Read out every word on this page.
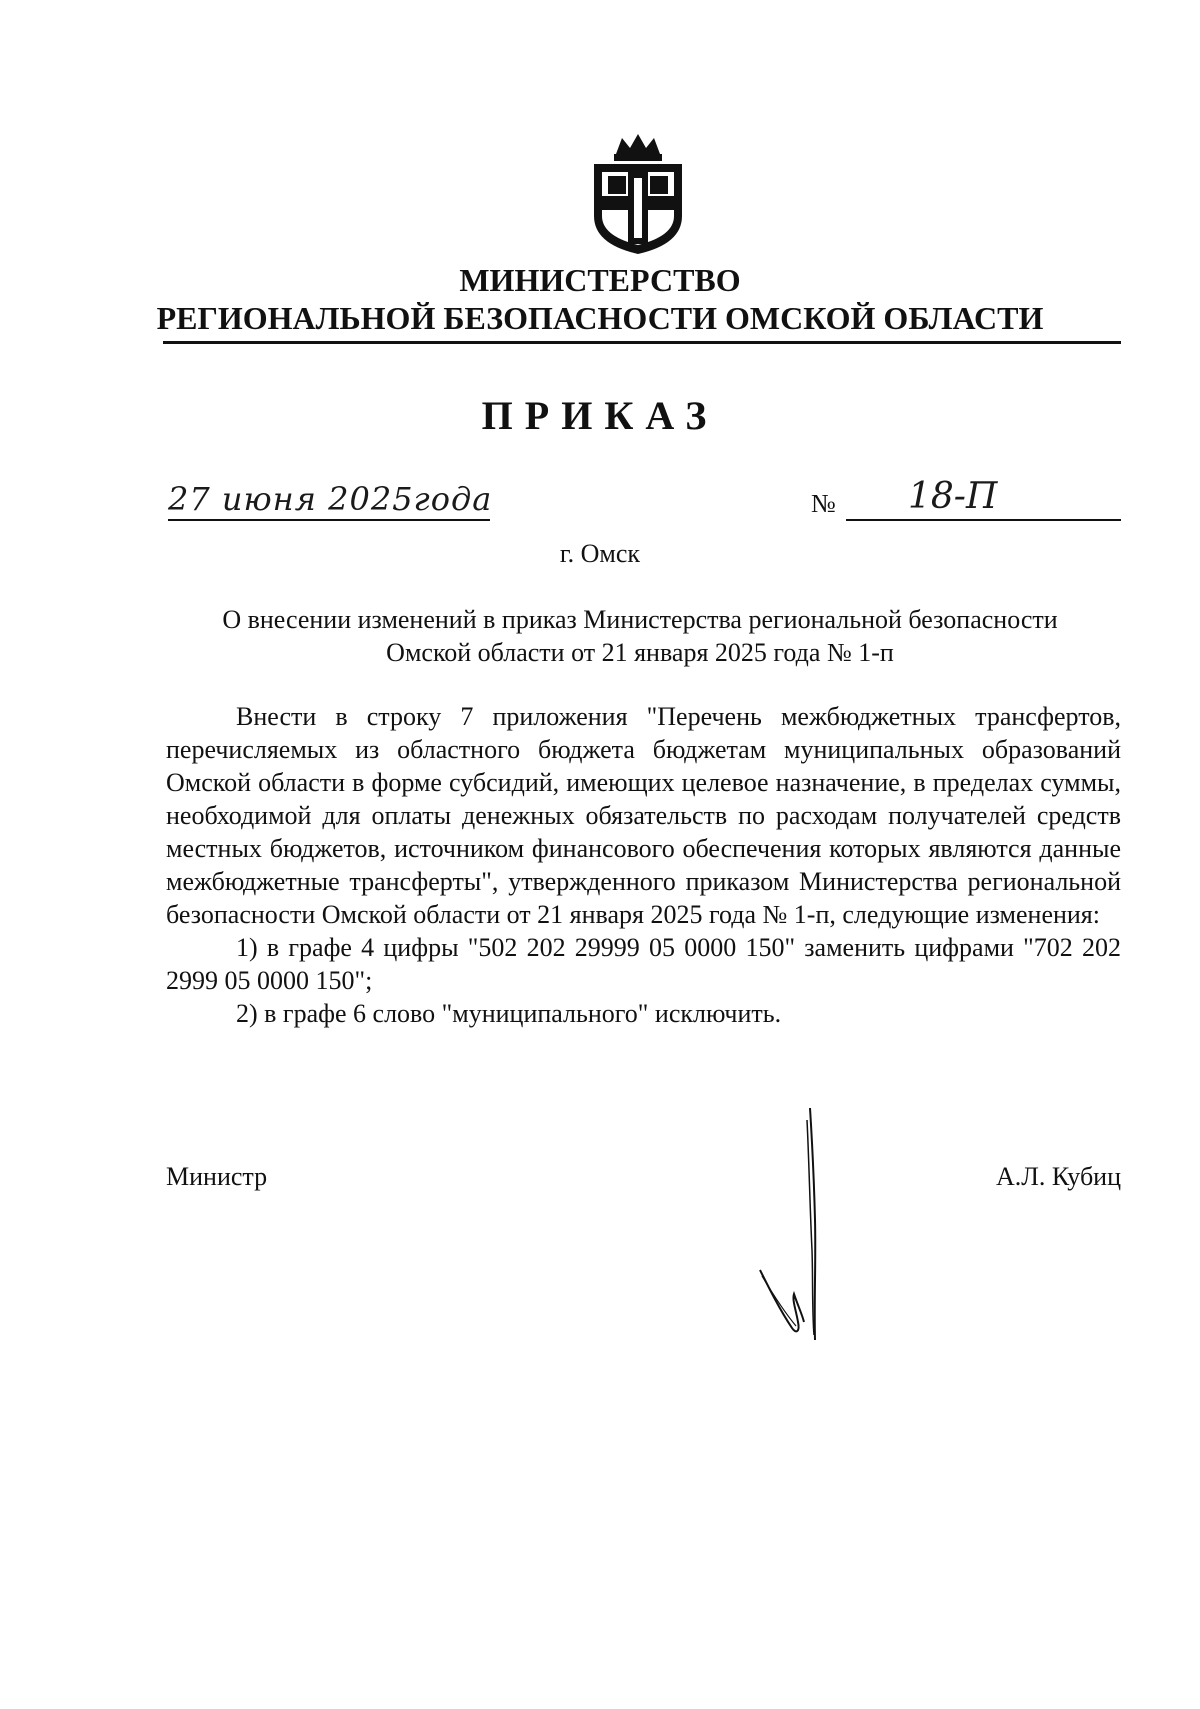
МИНИСТЕРСТВО
РЕГИОНАЛЬНОЙ БЕЗОПАСНОСТИ ОМСКОЙ ОБЛАСТИ
ПРИКАЗ
27 июня 2025года	№ 18-П
г. Омск
О внесении изменений в приказ Министерства региональной безопасности
Омской области от 21 января 2025 года № 1-п

Внести в строку 7 приложения "Перечень межбюджетных трансфертов, перечисляемых из областного бюджета бюджетам муниципальных образований Омской области в форме субсидий, имеющих целевое назначение, в пределах суммы, необходимой для оплаты денежных обязательств по расходам получателей средств местных бюджетов, источником финансового обеспечения которых являются данные межбюджетные трансферты", утвержденного приказом Министерства региональной безопасности Омской области от 21 января 2025 года № 1-п, следующие изменения:

1) в графе 4 цифры "502 202 29999 05 0000 150" заменить цифрами "702 202 2999 05 0000 150";

2) в графе 6 слово "муниципального" исключить.

Министр	А.Л. Кубиц
